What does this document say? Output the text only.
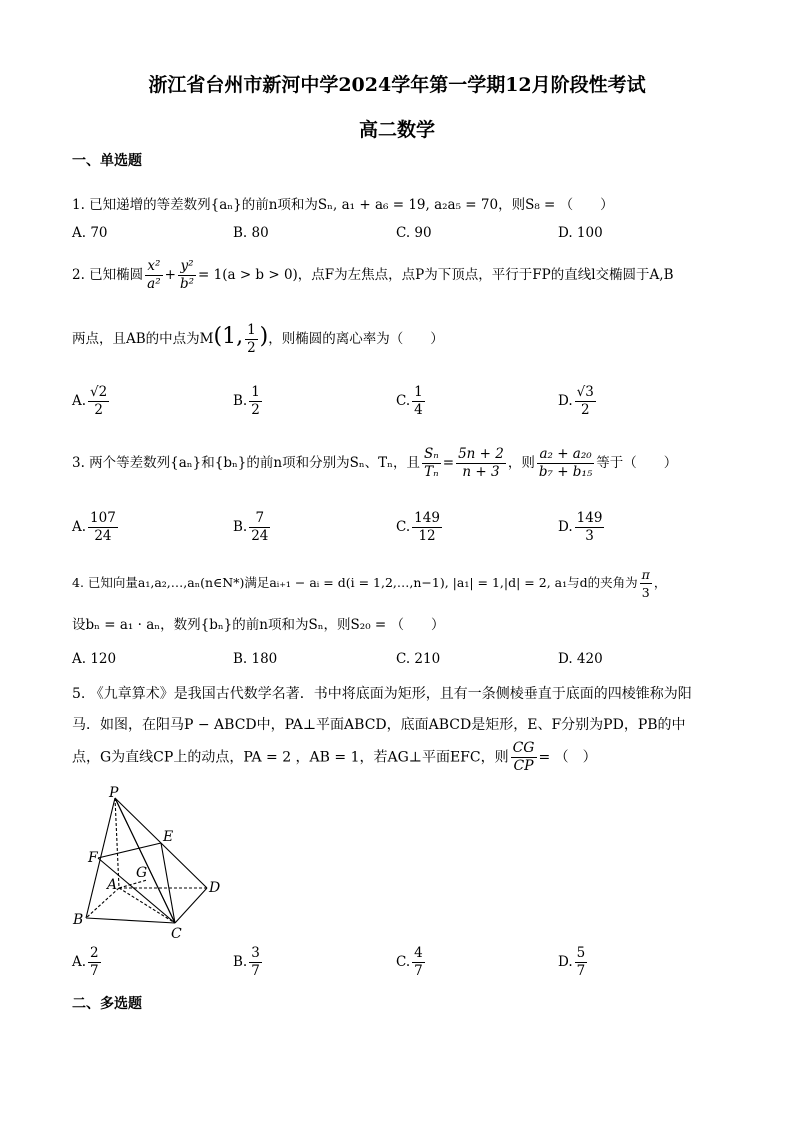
浙江省台州市新河中学2024学年第一学期12月阶段性考试
高二数学
一、单选题
1. 已知递增的等差数列{aₙ}的前n项和为Sₙ, a₁ + a₆ = 19, a₂a₅ = 70，则S₈ = （　　）
A. 70	B. 80	C. 90	D. 100
2. 已知椭圆 $\frac{\text{x²}}{\text{a²}} + \frac{\text{y²}}{\text{b²}} = 1(a > b > 0)$，点F为左焦点，点P为下顶点，平行于FP的直线l交椭圆于A,B
两点，且AB的中点为M(1, $\frac{1}{2}$ )，则椭圆的离心率为（　　）
A. $\frac{√2}{2}$	B. $\frac{1}{2}$	C. $\frac{1}{4}$	D. $\frac{√3}{2}$
3. 两个等差数列{aₙ}和{bₙ}的前n项和分别为Sₙ、Tₙ，且 $\frac{\text{Sₙ}}{\text{Tₙ}} = \frac{5n + 2}{n + 3}$ ，则 $\frac{\text{a₂ + a₂₀}}{\text{b₇ + b₁₅}}$ 等于（　　）
A. $\frac{107}{24}$	B. $\frac{7}{24}$	C. $\frac{149}{12}$	D. $\frac{149}{3}$
4. 已知向量a₁,a₂,…,aₙ(n∈N*)满足aᵢ₊₁ − aᵢ = d(i = 1,2,…,n−1), |a₁| = 1,|d| = 2, a₁与d的夹角为 $\frac{\pi}{3}$ ，
设bₙ = a₁ · aₙ，数列{bₙ}的前n项和为Sₙ，则S₂₀ = （　　）
A. 120	B. 180	C. 210	D. 420
5. 《九章算术》是我国古代数学名著．书中将底面为矩形，且有一条侧棱垂直于底面的四棱锥称为阳
马．如图，在阳马P − ABCD中，PA⊥平面ABCD，底面ABCD是矩形，E、F分别为PD，PB的中
点，G为直线CP上的动点，PA = 2 ，AB = 1，若AG⊥平面EFC，则 $\frac{CG}{CP}$ = （　）
P
E
F
A
G
D
B
C
A. $\frac{2}{7}$	B. $\frac{3}{7}$	C. $\frac{4}{7}$	D. $\frac{5}{7}$
二、多选题
